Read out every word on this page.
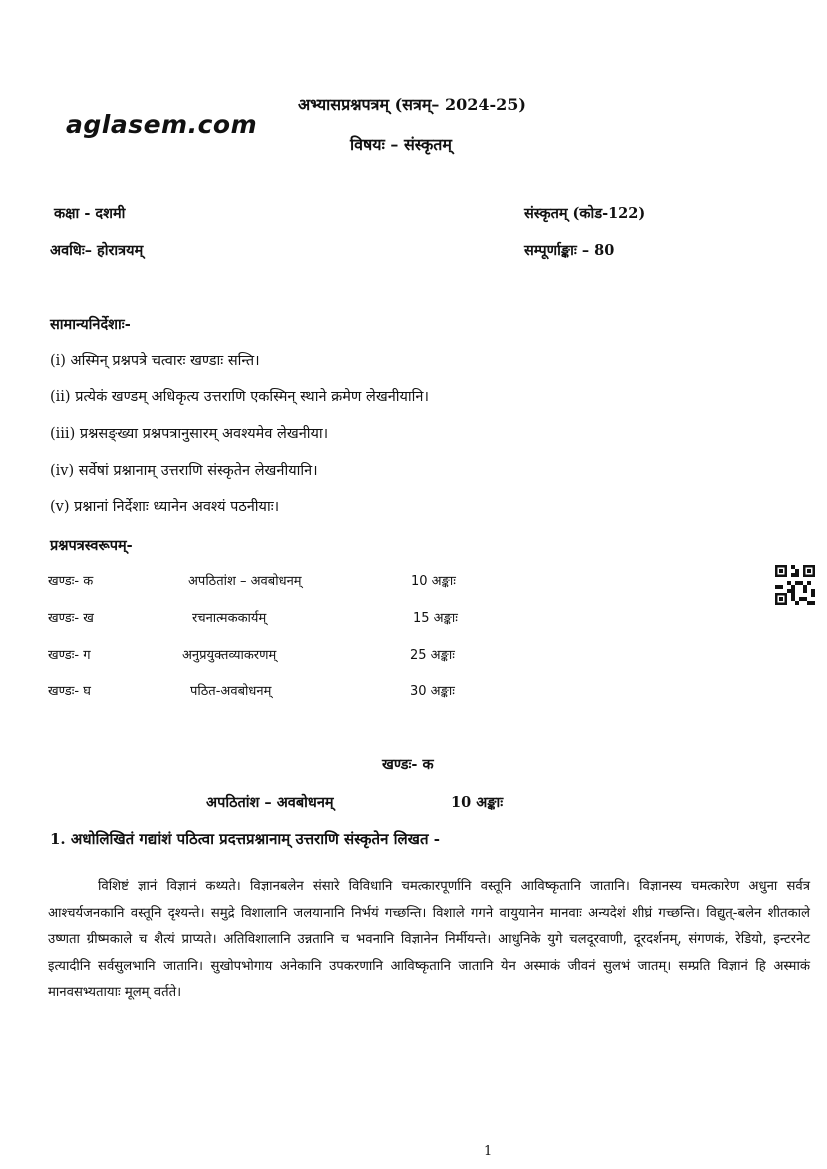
aglasem.com
अभ्यासप्रश्नपत्रम् (सत्रम्– 2024-25)
विषयः – संस्कृतम्
कक्षा - दशमी	संस्कृतम् (कोड-122)
अवधिः– होरात्रयम्	सम्पूर्णाङ्काः – 80
सामान्यनिर्देशाः-
(i) अस्मिन् प्रश्नपत्रे चत्वारः खण्डाः सन्ति।
(ii) प्रत्येकं खण्डम् अधिकृत्य उत्तराणि एकस्मिन् स्थाने क्रमेण लेखनीयानि।
(iii) प्रश्नसङ्ख्या प्रश्नपत्रानुसारम् अवश्यमेव लेखनीया।
(iv) सर्वेषां प्रश्नानाम् उत्तराणि संस्कृतेन लेखनीयानि।
(v) प्रश्नानां निर्देशाः ध्यानेन अवश्यं पठनीयाः।
प्रश्नपत्रस्वरूपम्-
खण्डः- क	अपठितांश – अवबोधनम्	10 अङ्काः
खण्डः- ख	रचनात्मककार्यम्	15 अङ्काः
खण्डः- ग	अनुप्रयुक्तव्याकरणम्	25 अङ्काः
खण्डः- घ	पठित-अवबोधनम्	30 अङ्काः
खण्डः- क
अपठितांश – अवबोधनम्	10 अङ्काः
1. अधोलिखितं गद्यांशं पठित्वा प्रदत्तप्रश्नानाम् उत्तराणि संस्कृतेन लिखत -
विशिष्टं ज्ञानं विज्ञानं कथ्यते। विज्ञानबलेन संसारे विविधानि चमत्कारपूर्णानि वस्तूनि आविष्कृतानि जातानि। विज्ञानस्य चमत्कारेण अधुना सर्वत्र आश्चर्यजनकानि वस्तूनि दृश्यन्ते। समुद्रे विशालानि जलयानानि निर्भयं गच्छन्ति। विशाले गगने वायुयानेन मानवाः अन्यदेशं शीघ्रं गच्छन्ति। विद्युत्-बलेन शीतकाले उष्णता ग्रीष्मकाले च शैत्यं प्राप्यते। अतिविशालानि उन्नतानि च भवनानि विज्ञानेन निर्मीयन्ते। आधुनिके युगे चलदूरवाणी, दूरदर्शनम्, संगणकं, रेडियो, इन्टरनेट इत्यादीनि सर्वसुलभानि जातानि। सुखोपभोगाय अनेकानि उपकरणानि आविष्कृतानि जातानि येन अस्माकं जीवनं सुलभं जातम्। सम्प्रति विज्ञानं हि अस्माकं मानवसभ्यतायाः मूलम् वर्तते।
1
